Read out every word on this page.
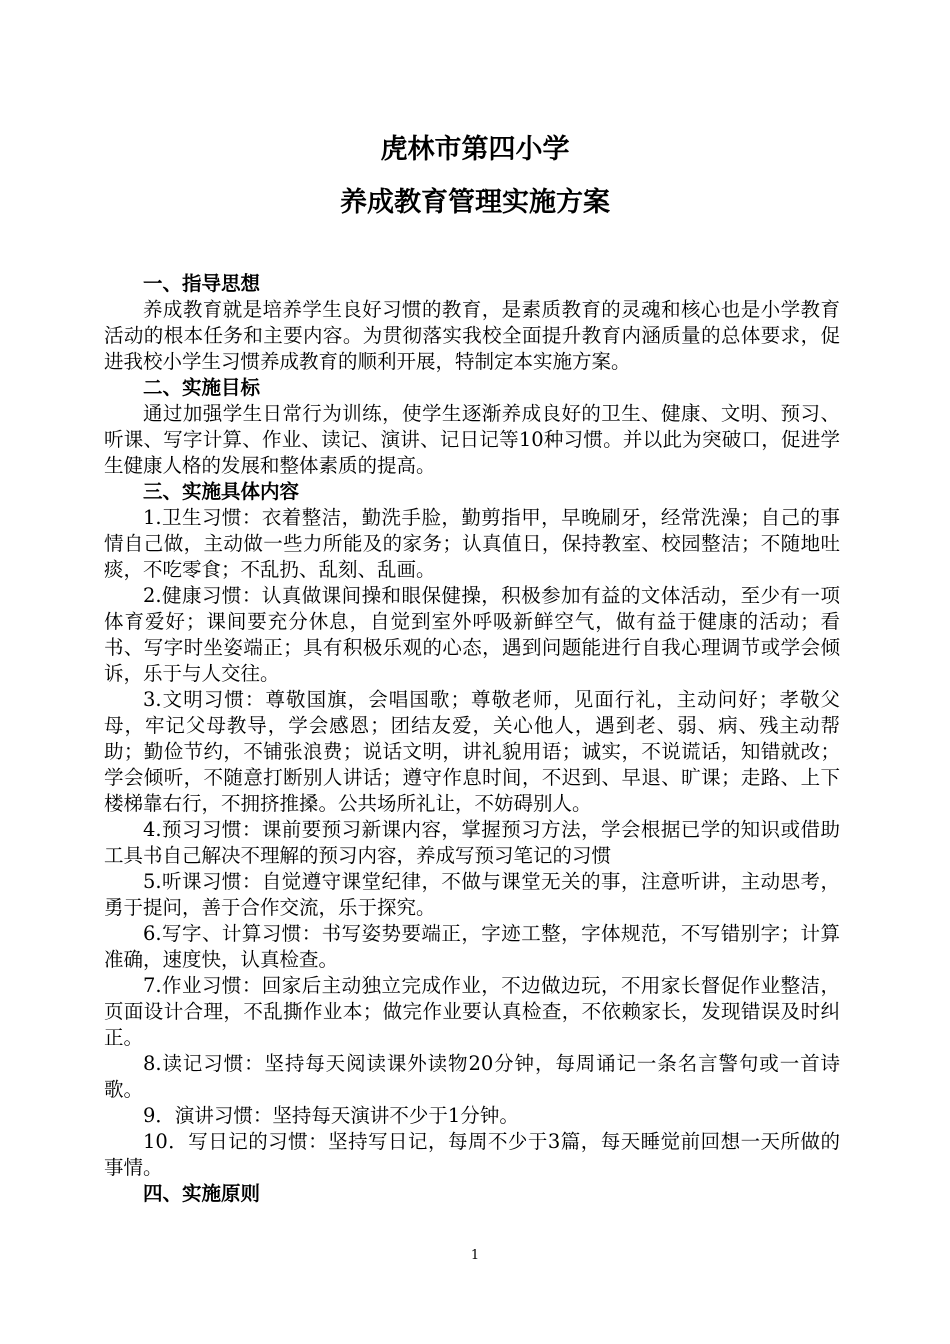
虎林市第四小学
养成教育管理实施方案

一、指导思想

养成教育就是培养学生良好习惯的教育，是素质教育的灵魂和核心也是小学教育活动的根本任务和主要内容。为贯彻落实我校全面提升教育内涵质量的总体要求，促进我校小学生习惯养成教育的顺利开展，特制定本实施方案。

二、实施目标

通过加强学生日常行为训练，使学生逐渐养成良好的卫生、健康、文明、预习、听课、写字计算、作业、读记、演讲、记日记等10种习惯。并以此为突破口，促进学生健康人格的发展和整体素质的提高。

三、实施具体内容

1.卫生习惯：衣着整洁，勤洗手脸，勤剪指甲，早晚刷牙，经常洗澡；自己的事情自己做，主动做一些力所能及的家务；认真值日，保持教室、校园整洁；不随地吐痰，不吃零食；不乱扔、乱刻、乱画。

2.健康习惯：认真做课间操和眼保健操，积极参加有益的文体活动，至少有一项体育爱好；课间要充分休息，自觉到室外呼吸新鲜空气，做有益于健康的活动；看书、写字时坐姿端正；具有积极乐观的心态，遇到问题能进行自我心理调节或学会倾诉，乐于与人交往。

3.文明习惯：尊敬国旗，会唱国歌；尊敬老师，见面行礼，主动问好；孝敬父母，牢记父母教导，学会感恩；团结友爱，关心他人，遇到老、弱、病、残主动帮助；勤俭节约，不铺张浪费；说话文明，讲礼貌用语；诚实，不说谎话，知错就改；学会倾听，不随意打断别人讲话；遵守作息时间，不迟到、早退、旷课；走路、上下楼梯靠右行，不拥挤推搡。公共场所礼让，不妨碍别人。

4.预习习惯：课前要预习新课内容，掌握预习方法，学会根据已学的知识或借助工具书自己解决不理解的预习内容，养成写预习笔记的习惯

5.听课习惯：自觉遵守课堂纪律，不做与课堂无关的事，注意听讲，主动思考，勇于提问，善于合作交流，乐于探究。

6.写字、计算习惯：书写姿势要端正，字迹工整，字体规范，不写错别字；计算准确，速度快，认真检查。

7.作业习惯：回家后主动独立完成作业，不边做边玩，不用家长督促作业整洁，页面设计合理，不乱撕作业本；做完作业要认真检查，不依赖家长，发现错误及时纠正。

8.读记习惯：坚持每天阅读课外读物20分钟，每周诵记一条名言警句或一首诗歌。

9．演讲习惯：坚持每天演讲不少于1分钟。

10．写日记的习惯：坚持写日记，每周不少于3篇，每天睡觉前回想一天所做的事情。

四、实施原则

1
